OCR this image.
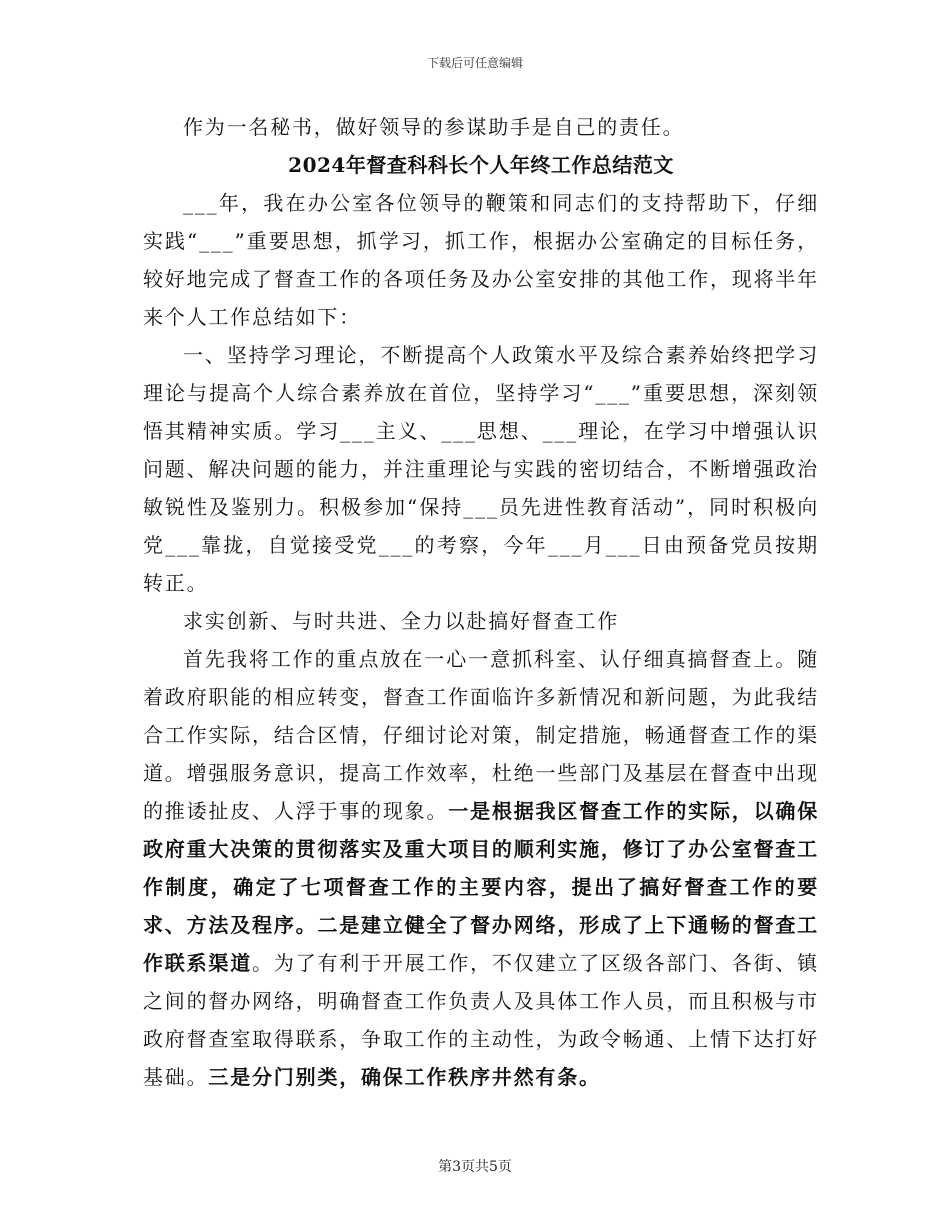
下载后可任意编辑

作为一名秘书，做好领导的参谋助手是自己的责任。

2024年督查科科长个人年终工作总结范文

___年，我在办公室各位领导的鞭策和同志们的支持帮助下，仔细实践“___”重要思想，抓学习，抓工作，根据办公室确定的目标任务，较好地完成了督查工作的各项任务及办公室安排的其他工作，现将半年来个人工作总结如下：

一、坚持学习理论，不断提高个人政策水平及综合素养始终把学习理论与提高个人综合素养放在首位，坚持学习“___”重要思想，深刻领悟其精神实质。学习___主义、___思想、___理论，在学习中增强认识问题、解决问题的能力，并注重理论与实践的密切结合，不断增强政治敏锐性及鉴别力。积极参加“保持___员先进性教育活动”，同时积极向党___靠拢，自觉接受党___的考察，今年___月___日由预备党员按期转正。

求实创新、与时共进、全力以赴搞好督查工作

首先我将工作的重点放在一心一意抓科室、认仔细真搞督查上。随着政府职能的相应转变，督查工作面临许多新情况和新问题，为此我结合工作实际，结合区情，仔细讨论对策，制定措施，畅通督查工作的渠道。增强服务意识，提高工作效率，杜绝一些部门及基层在督查中出现的推诿扯皮、人浮于事的现象。一是根据我区督查工作的实际，以确保政府重大决策的贯彻落实及重大项目的顺利实施，修订了办公室督查工作制度，确定了七项督查工作的主要内容，提出了搞好督查工作的要求、方法及程序。二是建立健全了督办网络，形成了上下通畅的督查工作联系渠道。为了有利于开展工作，不仅建立了区级各部门、各街、镇之间的督办网络，明确督查工作负责人及具体工作人员，而且积极与市政府督查室取得联系，争取工作的主动性，为政令畅通、上情下达打好基础。三是分门别类，确保工作秩序井然有条。

第3页共5页
